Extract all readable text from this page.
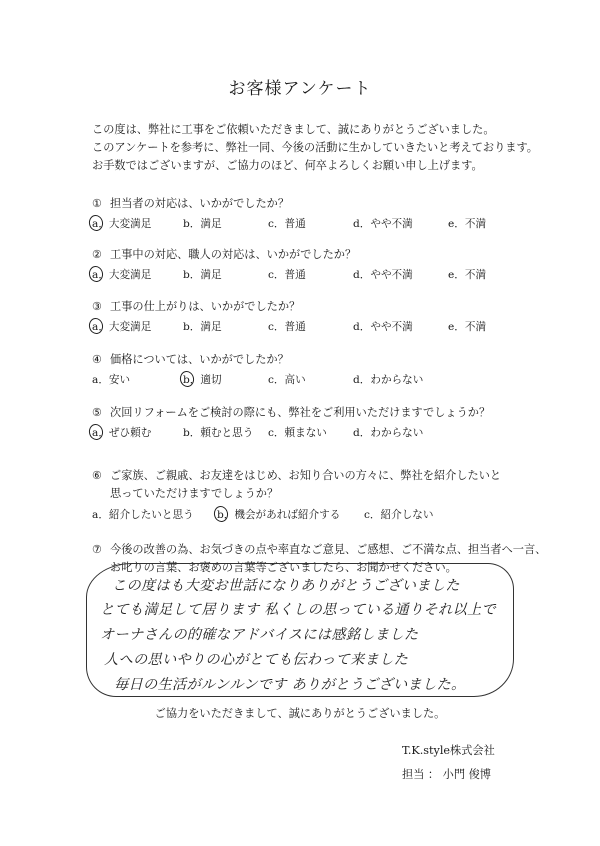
お客様アンケート
この度は、弊社に工事をご依頼いただきまして、誠にありがとうございました。
このアンケートを参考に、弊社一同、今後の活動に生かしていきたいと考えております。
お手数ではございますが、ご協力のほど、何卒よろしくお願い申し上げます。
① 担当者の対応は、いかがでしたか？
a．大変満足	b．満足	c．普通	d．やや不満	e．不満
② 工事中の対応、職人の対応は、いかがでしたか？
a．大変満足	b．満足	c．普通	d．やや不満	e．不満
③ 工事の仕上がりは、いかがでしたか？
a．大変満足	b．満足	c．普通	d．やや不満	e．不満
④ 価格については、いかがでしたか？
a．安い	b．適切	c．高い	d．わからない
⑤ 次回リフォームをご検討の際にも、弊社をご利用いただけますでしょうか？
a．ぜひ頼む	b．頼むと思う c．頼まない d．わからない
⑥ ご家族、ご親戚、お友達をはじめ、お知り合いの方々に、弊社を紹介したいと
思っていただけますでしょうか？
a．紹介したいと思う b．機会があれば紹介する c．紹介しない
⑦ 今後の改善の為、お気づきの点や率直なご意見、ご感想、ご不満な点、担当者へ一言、
お叱りの言葉、お褒めの言葉等ございましたら、お聞かせください。
この度はも大変お世話になりありがとうございました
とても満足して居ります 私くしの思っている通りそれ以上で
オーナさんの的確なアドバイスには感銘しました
人への思いやりの心がとても伝わって来ました
毎日の生活がルンルンです ありがとうございました。
ご協力をいただきまして、誠にありがとうございました。
T.K.style株式会社
担当 ： 小門 俊博
